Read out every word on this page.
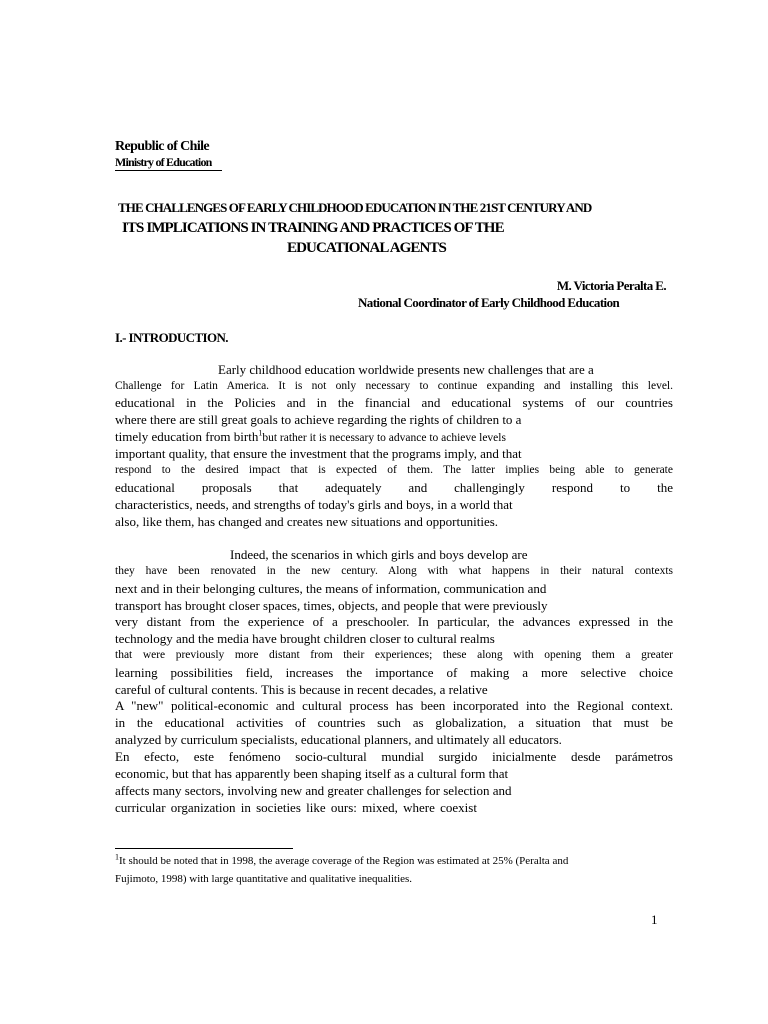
Republic of Chile
Ministry of Education
THE CHALLENGES OF EARLY CHILDHOOD EDUCATION IN THE 21ST CENTURY AND
ITS IMPLICATIONS IN TRAINING AND PRACTICES OF THE
EDUCATIONAL AGENTS
M. Victoria Peralta E.
National Coordinator of Early Childhood Education
I.- INTRODUCTION.
Early childhood education worldwide presents new challenges that are a
Challenge for Latin America. It is not only necessary to continue expanding and installing this level.
educational in the Policies and in the financial and educational systems of our countries
where there are still great goals to achieve regarding the rights of children to a
timely education from birth$^1$but rather it is necessary to advance to achieve levels
important quality, that ensure the investment that the programs imply, and that
respond to the desired impact that is expected of them. The latter implies being able to generate
educational proposals that adequately and challengingly respond to the
characteristics, needs, and strengths of today's girls and boys, in a world that
also, like them, has changed and creates new situations and opportunities.
Indeed, the scenarios in which girls and boys develop are
they have been renovated in the new century. Along with what happens in their natural contexts
next and in their belonging cultures, the means of information, communication and
transport has brought closer spaces, times, objects, and people that were previously
very distant from the experience of a preschooler. In particular, the advances expressed in the
technology and the media have brought children closer to cultural realms
that were previously more distant from their experiences; these along with opening them a greater
learning possibilities field, increases the importance of making a more selective choice
careful of cultural contents. This is because in recent decades, a relative
A "new" political-economic and cultural process has been incorporated into the Regional context.
in the educational activities of countries such as globalization, a situation that must be
analyzed by curriculum specialists, educational planners, and ultimately all educators.
En efecto, este fenómeno socio-cultural mundial surgido inicialmente desde parámetros
economic, but that has apparently been shaping itself as a cultural form that
affects many sectors, involving new and greater challenges for selection and
curricular organization in societies like ours: mixed, where coexist
$^1$It should be noted that in 1998, the average coverage of the Region was estimated at 25% (Peralta and
Fujimoto, 1998) with large quantitative and qualitative inequalities.
1
